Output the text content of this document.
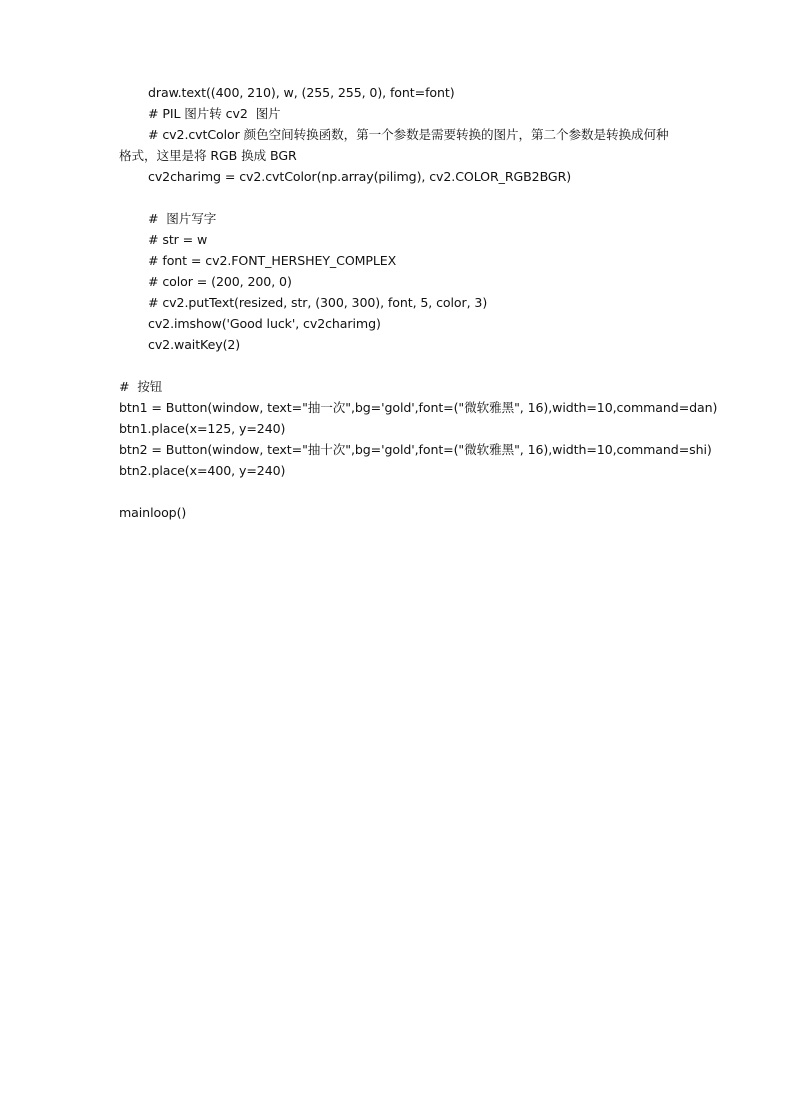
draw.text((400, 210), w, (255, 255, 0), font=font)
# PIL 图片转 cv2  图片
# cv2.cvtColor 颜色空间转换函数，第一个参数是需要转换的图片，第二个参数是转换成何种格式，这里是将 RGB 换成 BGR
cv2charimg = cv2.cvtColor(np.array(pilimg), cv2.COLOR_RGB2BGR)
#  图片写字
# str = w
# font = cv2.FONT_HERSHEY_COMPLEX
# color = (200, 200, 0)
# cv2.putText(resized, str, (300, 300), font, 5, color, 3)
cv2.imshow('Good luck', cv2charimg)
cv2.waitKey(2)
#  按钮
btn1 = Button(window, text="抽一次",bg='gold',font=("微软雅黑", 16),width=10,command=dan)
btn1.place(x=125, y=240)
btn2 = Button(window, text="抽十次",bg='gold',font=("微软雅黑", 16),width=10,command=shi)
btn2.place(x=400, y=240)
mainloop()
